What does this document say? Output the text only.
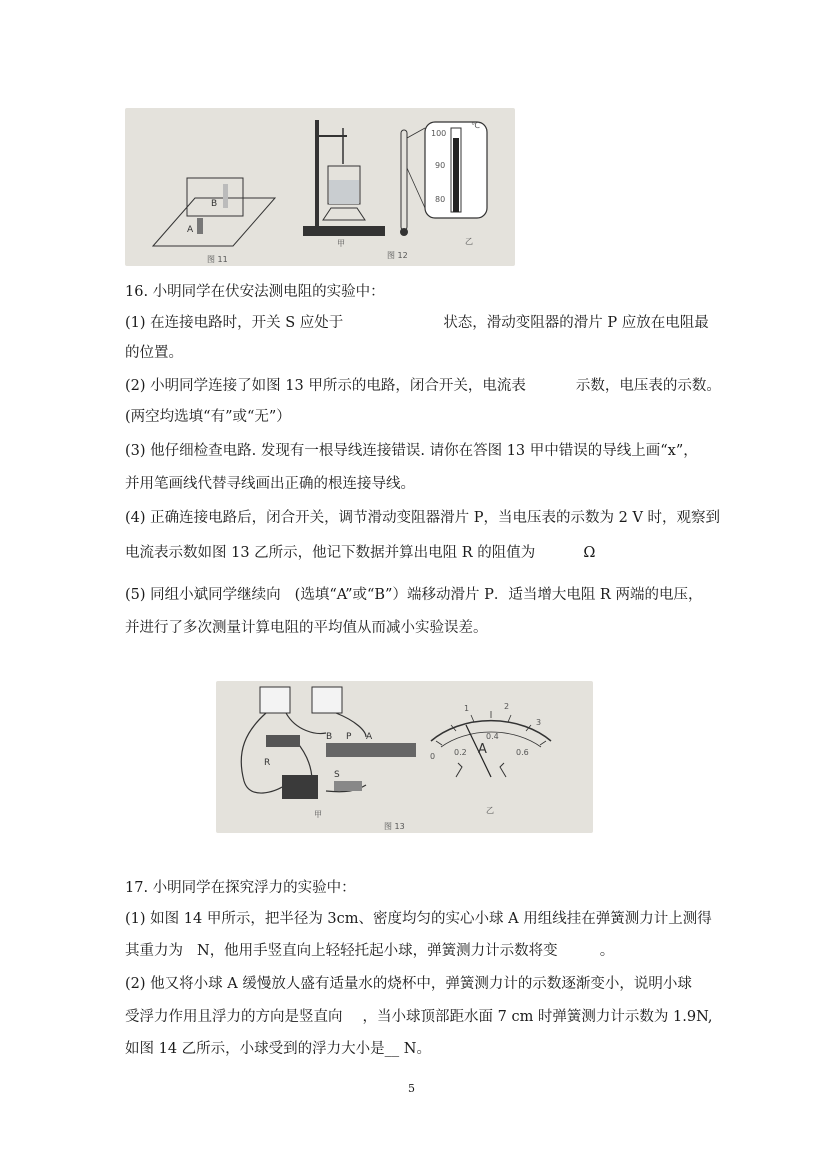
A
B
图 11
甲
图 12
乙
℃
100
90
80
16. 小明同学在伏安法测电阻的实验中：
(1) 在连接电路时，开关 S 应处于	状态，滑动变阻器的滑片 P 应放在电阻最
的位置。
(2) 小明同学连接了如图 13 甲所示的电路，闭合开关，电流表	示数，电压表的示数。
(两空均选填“有”或“无”）
(3) 他仔细检查电路. 发现有一根导线连接错误. 请你在答图 13 甲中错误的导线上画“x”，
并用笔画线代替寻线画出正确的根连接导线。
(4) 正确连接电路后，闭合开关，调节滑动变阻器滑片 P，当电压表的示数为 2 V 时，观察到
电流表示数如图 13 乙所示，他记下数据并算出电阻 R 的阻值为	Ω
(5) 同组小斌同学继续向 (选填“A”或“B”）端移动滑片 P．适当增大电阻 R 两端的电压，
并进行了多次测量计算电阻的平均值从而减小实验误差。
R
B P A
S
甲
图 13
0 0.2
0.4
0.6
1	2
3
A
乙
17. 小明同学在探究浮力的实验中：
(1) 如图 14 甲所示，把半径为 3cm、密度均匀的实心小球 A 用组线挂在弹簧测力计上测得
其重力为 N，他用手竖直向上轻轻托起小球，弹簧测力计示数将变	。
(2) 他又将小球 A 缓慢放人盛有适量水的烧杯中，弹簧测力计的示数逐渐变小，说明小球
受浮力作用且浮力的方向是竖直向 ，当小球顶部距水面 7 cm 时弹簧测力计示数为 1.9N,
如图 14 乙所示，小球受到的浮力大小是__ N。
5
